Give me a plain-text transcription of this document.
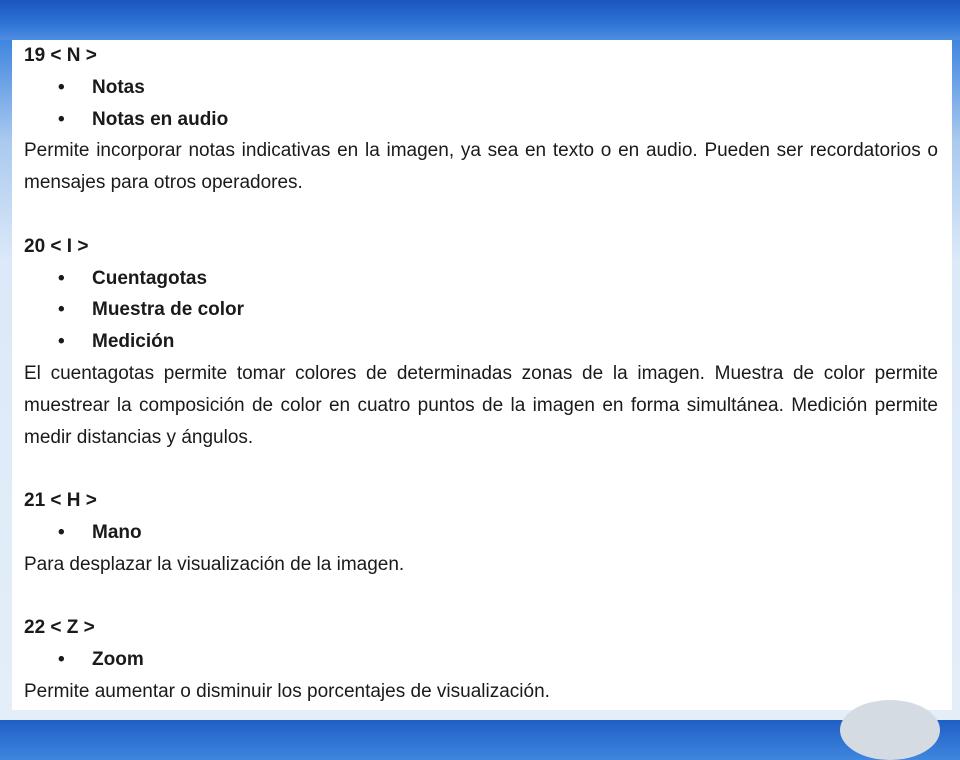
19 < N >

• Notas
• Notas en audio

Permite incorporar notas indicativas en la imagen, ya sea en texto o en audio. Pueden ser recordatorios o mensajes para otros operadores.

20 < I >

• Cuentagotas
• Muestra de color
• Medición

El cuentagotas permite tomar colores de determinadas zonas de la imagen. Muestra de color permite muestrear la composición de color en cuatro puntos de la imagen en forma simultánea. Medición permite medir distancias y ángulos.

21 < H >

• Mano

Para desplazar la visualización de la imagen.

22 < Z >

• Zoom

Permite aumentar o disminuir los porcentajes de visualización.
